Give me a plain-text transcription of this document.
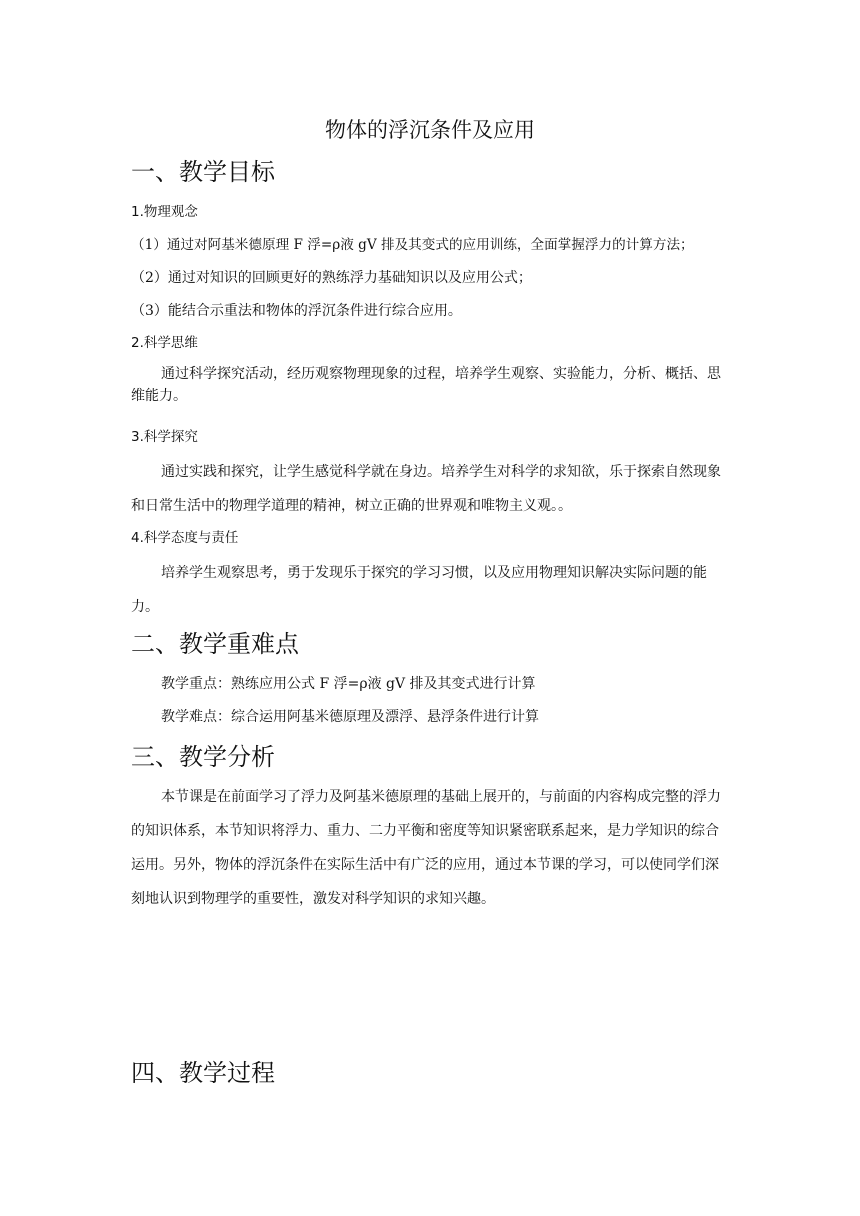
物体的浮沉条件及应用
一、教学目标
1.物理观念
（1）通过对阿基米德原理 F 浮=ρ液 gV 排及其变式的应用训练，全面掌握浮力的计算方法；
（2）通过对知识的回顾更好的熟练浮力基础知识以及应用公式；
（3）能结合示重法和物体的浮沉条件进行综合应用。
2.科学思维
通过科学探究活动，经历观察物理现象的过程，培养学生观察、实验能力，分析、概括、思维能力。
3.科学探究
通过实践和探究，让学生感觉科学就在身边。培养学生对科学的求知欲，乐于探索自然现象和日常生活中的物理学道理的精神，树立正确的世界观和唯物主义观。。
4.科学态度与责任
培养学生观察思考，勇于发现乐于探究的学习习惯，以及应用物理知识解决实际问题的能力。
二、教学重难点
教学重点：熟练应用公式 F 浮=ρ液 gV 排及其变式进行计算
教学难点：综合运用阿基米德原理及漂浮、悬浮条件进行计算
三、教学分析
本节课是在前面学习了浮力及阿基米德原理的基础上展开的，与前面的内容构成完整的浮力的知识体系，本节知识将浮力、重力、二力平衡和密度等知识紧密联系起来，是力学知识的综合运用。另外，物体的浮沉条件在实际生活中有广泛的应用，通过本节课的学习，可以使同学们深刻地认识到物理学的重要性，激发对科学知识的求知兴趣。
四、教学过程
